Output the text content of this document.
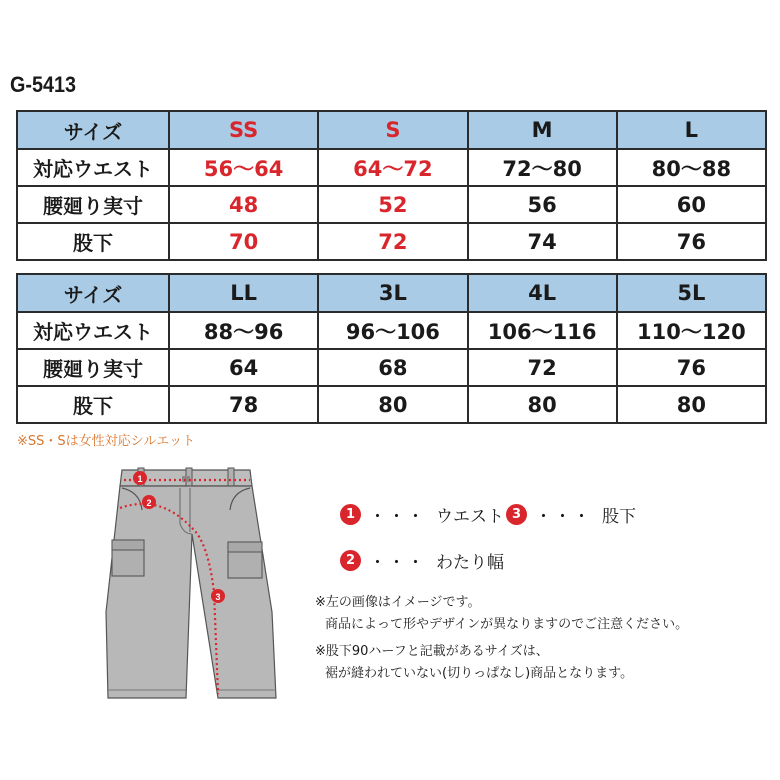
G-5413
サイズ	SS	S	M	L
対応ウエスト	56～64	64～72	72～80	80～88
腰廻り実寸	48	52	56	60
股下	70	72	74	76
サイズ	LL	3L	4L	5L
対応ウエスト	88～96	96～106	106～116	110～120
腰廻り実寸	64	68	72	76
股下	78	80	80	80
※SS・Sは女性対応シルエット
1
2
3
1 ・・・ ウエスト 3 ・・・ 股下
2 ・・・ わたり幅
※左の画像はイメージです。
商品によって形やデザインが異なりますのでご注意ください。
※股下90ハーフと記載があるサイズは、
裾が縫われていない(切りっぱなし)商品となります。
